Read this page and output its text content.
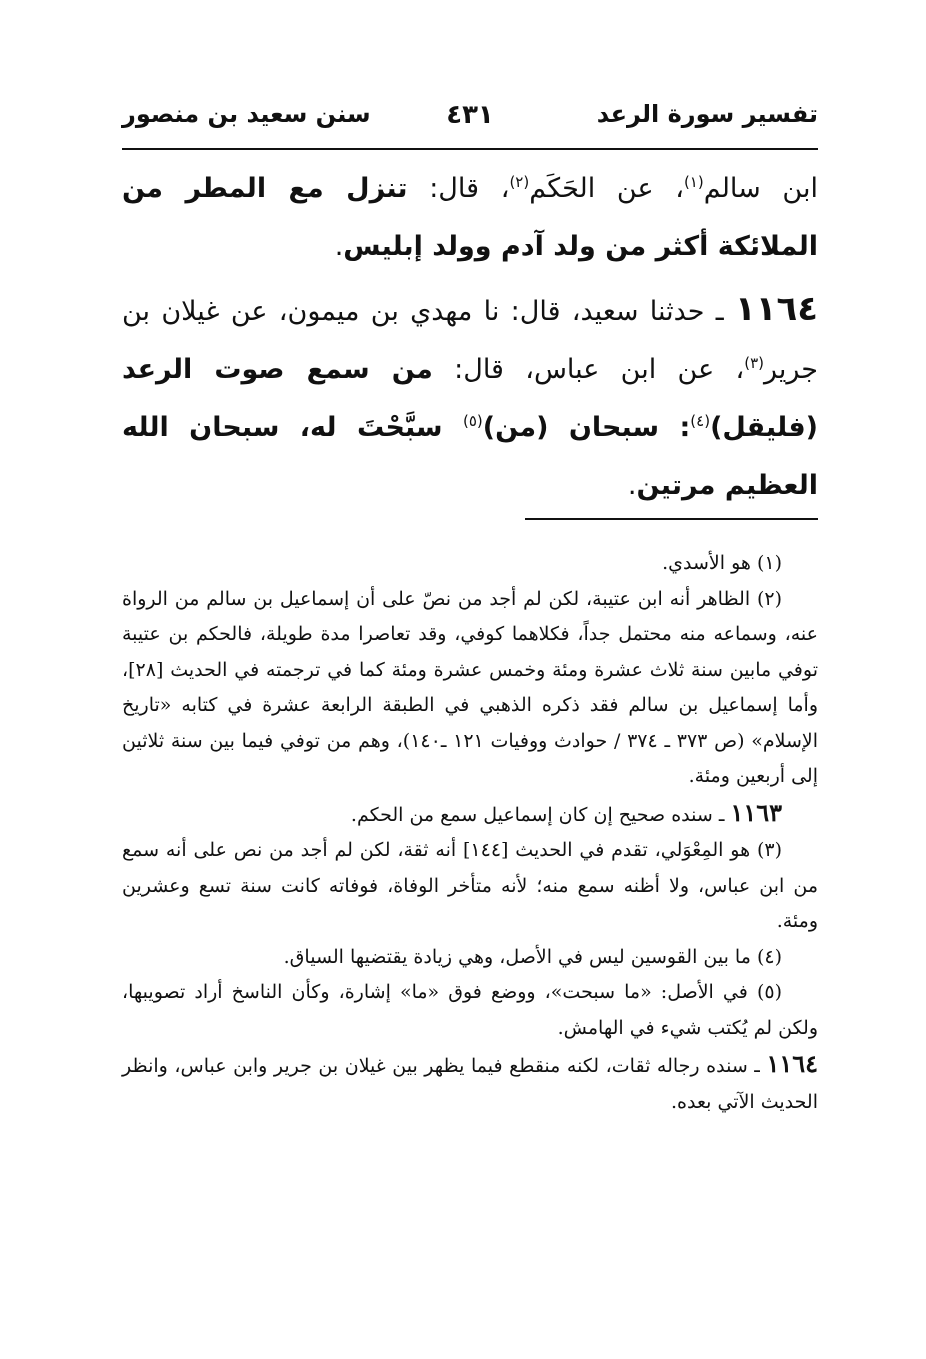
تفسير سورة الرعد
٤٣١
سنن سعيد بن منصور

ابن سالم$^{(١)}$، عن الحَكَم$^{(٢)}$، قال: تنزل مع المطر من الملائكة أكثر من ولد آدم وولد إبليس.

١١٦٤ ـ حدثنا سعيد، قال: نا مهدي بن ميمون، عن غيلان بن جرير$^{(٣)}$، عن ابن عباس، قال: من سمع صوت الرعد (فليقل)$^{(٤)}$: سبحان (من)$^{(٥)}$ سبَّحْتَ له، سبحان الله العظيم مرتين.

(١) هو الأسدي.

(٢) الظاهر أنه ابن عتيبة، لكن لم أجد من نصّ على أن إسماعيل بن سالم من الرواة عنه، وسماعه منه محتمل جداً، فكلاهما كوفي، وقد تعاصرا مدة طويلة، فالحكم بن عتيبة توفي مابين سنة ثلاث عشرة ومئة وخمس عشرة ومئة كما في ترجمته في الحديث [٢٨]، وأما إسماعيل بن سالم فقد ذكره الذهبي في الطبقة الرابعة عشرة في كتابه «تاريخ الإسلام» (ص ٣٧٣ ـ ٣٧٤ / حوادث ووفيات ١٢١ ـ١٤٠)، وهم من توفي فيما بين سنة ثلاثين إلى أربعين ومئة.

١١٦٣ ـ سنده صحيح إن كان إسماعيل سمع من الحكم.

(٣) هو المِعْوَلي، تقدم في الحديث [١٤٤] أنه ثقة، لكن لم أجد من نص على أنه سمع من ابن عباس، ولا أظنه سمع منه؛ لأنه متأخر الوفاة، فوفاته كانت سنة تسع وعشرين ومئة.

(٤) ما بين القوسين ليس في الأصل، وهي زيادة يقتضيها السياق.

(٥) في الأصل: «ما سبحت»، ووضع فوق «ما» إشارة، وكأن الناسخ أراد تصويبها، ولكن لم يُكتب شيء في الهامش.

١١٦٤ ـ سنده رجاله ثقات، لكنه منقطع فيما يظهر بين غيلان بن جرير وابن عباس، وانظر الحديث الآتي بعده.
